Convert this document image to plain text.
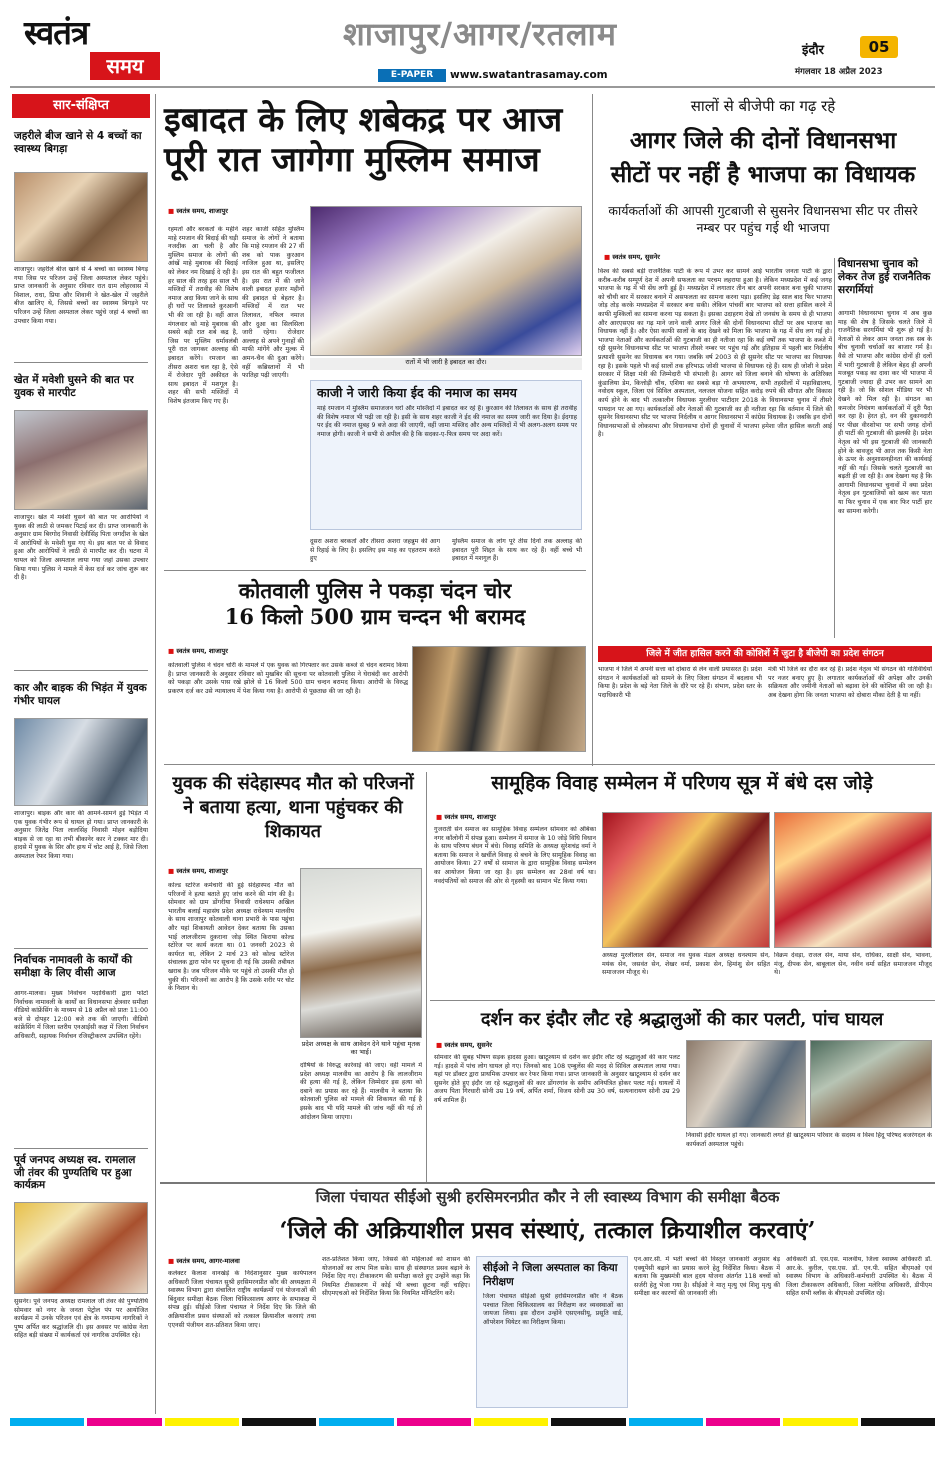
स्वतंत्र
समय
शाजापुर/आगर/रतलाम
E-PAPER	www.swatantrasamay.com
इंदौर	05
मंगलवार 18 अप्रैल 2023
सार-संक्षिप्त
जहरीले बीज खाने से 4 बच्चों का स्वास्थ्य बिगड़ा
शाजापुर। जहरीले बीज खाने से 4 बच्चों का स्वास्थ्य बिगड़ गया जिस पर परिजन उन्हें जिला अस्पताल लेकर पहुंचे। प्राप्त जानकारी के अनुसार रविवार रात ग्राम लोहरवास में विशाल, राधा, प्रिया और शिवानी ने खेत-खेल में जहरीले बीज खालिए थे, जिससे बच्चों का स्वास्थ्य बिगड़ने पर परिजन उन्हें जिला अस्पताल लेकर पहुंचे जहां 4 बच्चों का उपचार किया गया।
खेत में मवेशी घुसने की बात पर युवक से मारपीट
शाजापुर। खेत में मवेशी घुसने की बात पर आरोपियों ने युवक की लाठी से जमकर पिटाई कर दी। प्राप्त जानकारी के अनुसार ग्राम बिरगोद निवासी देवीसिंह पिता जगदीश के खेत में आरोपियों के मवेशी घुस गए थे। इस बात पर से विवाद हुआ और आरोपियों ने लाठी से मारपीट कर दी। घटना में घायल को जिला अस्पताल लाया गया जहां उसका उपचार किया गया। पुलिस ने मामले में केस दर्ज कर जांच शुरू कर दी है।
कार और बाइक की भिड़ंत में युवक गंभीर घायल
शाजापुर। बाइक और कार की आमने-सामने हुई भिड़ंत में एक युवक गंभीर रूप से घायल हो गया। प्राप्त जानकारी के अनुसार जितेंद्र पिता लालसिंह निवासी मोहन बड़ोदिया बाइक से जा रहा था तभी बीकानेर कार ने टक्कर मार दी। हादसे में युवक के सिर और हाथ में चोट आई है, जिसे जिला अस्पताल रेफर किया गया।
निर्वाचक नामावली के कार्यों की समीक्षा के लिए वीसी आज
आगर-मालवा। मुख्य निर्वाचन पदाधिकारी द्वारा फोटो निर्वाचक नामावली के कार्यों का विधानसभा क्षेत्रवार समीक्षा वीडियो कांफ्रेंसिंग के माध्यम से 18 अप्रैल को प्रातः 11:00 बजे से दोपहर 12:00 बजे तक की जाएगी। वीडियो कांफ्रेंसिंग में जिला स्तरीय एनआईसी कक्ष में जिला निर्वाचन अधिकारी, सहायक निर्वाचन रजिस्ट्रीकरण उपस्थित रहेंगे।
पूर्व जनपद अध्यक्ष स्व. रामलाल जी तंवर की पुण्यतिथि पर हुआ कार्यक्रम
सुसनेर। पूर्व जनपद अध्यक्ष रामलाल जी तंवर की पुण्यतिथि सोमवार को नगर के जनता पेट्रोल पंप पर आयोजित कार्यक्रम में उनके परिजन एवं क्षेत्र के गणमान्य नागरिकों ने पुष्प अर्पित कर श्रद्धांजलि दी। इस अवसर पर कांग्रेस नेता सहित बड़ी संख्या में कार्यकर्ता एवं नागरिक उपस्थित रहे।
इबादत के लिए शबेकद्र पर आज पूरी रात जागेगा मुस्लिम समाज
■ स्वतंत्र समय, शाजापुर
रहमतों और बरकतों के महीने माहे रमजान की बिदाई की घड़ी नजदीक आ चली है और मुस्लिम समाज के लोगों की आंखें माहे मुबारक की बिदाई को लेकर नम दिखाई दे रही है। हर साल की तरह इस साल भी मस्जिदों में तरावीह की विशेष नमाज अदा किया जाने के साथ ही घरों पर तिलावते कुरआनी भी की जा रही है। वहीं आज मंगलवार को माहे मुबारक की सबसे बड़ी रात शबे कद्र है, जिस पर मुस्लिम धर्मावलंबी पूरी रात जागकर अल्लाह की इबादत करेंगे। रमजान का तीसरा अशरा चल रहा है, ऐसे में रोजेदार पूरी अकीदत के साथ इबादत में मशगूल है। शहर की सभी मस्जिदों में विशेष इंतजाम किए गए हैं।
शहर काजी सहित मुस्लिम समाज के लोगों ने बताया कि माहे रमजान की 27 वीं शब को पाक कुरआन नाजिल हुआ था, इसलिए इस रात की बहुत फजीलत है। इस रात में की जाने वाली इबादत हजार महीनों की इबादत से बेहतर है। मस्जिदों में रात भर तिलावत, नफिल नमाज और दुआ का सिलसिला जारी रहेगा। रोजेदार अल्लाह से अपने गुनाहों की माफी मांगेंगे और मुल्क में अमन-चैन की दुआ करेंगे। वहीं कब्रिस्तानों में भी फातिहा पढ़ी जाएगी।
रातों में भी जारी है इबादत का दौर।
काजी ने जारी किया ईद की नमाज का समय
माहे रमजान में मुस्लिम समाजजन घरों और मस्जिदों में इबादत कर रहे हैं। कुरआन की तिलावत के साथ ही तरावीह की विशेष नमाज भी पढ़ी जा रही है। इसी के साथ शहर काजी ने ईद की नमाज का समय जारी कर दिया है। ईदगाह पर ईद की नमाज सुबह 9 बजे अदा की जाएगी, वहीं जामा मस्जिद और अन्य मस्जिदों में भी अलग-अलग समय पर नमाज होगी। काजी ने सभी से अपील की है कि सदका-ए-फित्र समय पर अदा करें।
दूसरा अशरा बरकतों और तीसरा अशरा जहन्नुम की आग से रिहाई के लिए है। इसलिए इस माह का एहतराम करते हुए
मुस्लिम समाज के लोग पूरे तीस दिनों तक अल्लाह की इबादत पूरी शिद्दत के साथ कर रहे हैं। वहीं बच्चे भी इबादत में मशगूल हैं।
कोतवाली पुलिस ने पकड़ा चंदन चोर
16 किलो 500 ग्राम चन्दन भी बरामद
■ स्वतंत्र समय, शाजापुर
कोतवाली पुलिस ने चंदन चोरी के मामले में एक युवक को गिरफ्तार कर उसके कब्जे से चंदन बरामद किया है। प्राप्त जानकारी के अनुसार रविवार को मुखबिर की सूचना पर कोतवाली पुलिस ने घेराबंदी कर आरोपी को पकड़ा और उसके पास रखे झोले से 16 किलो 500 ग्राम चन्दन बरामद किया। आरोपी के विरुद्ध प्रकरण दर्ज कर उसे न्यायालय में पेश किया गया है। आरोपी से पूछताछ की जा रही है।
युवक की संदेहास्पद मौत को परिजनों ने बताया हत्या, थाना पहुंचकर की शिकायत
■ स्वतंत्र समय, शाजापुर
कोल्ड स्टोरेज कर्मचारी की हुई संदेहास्पद मौत को परिजनों ने हत्या बताते हुए जांच करने की मांग की है। सोमवार को ग्राम डोंगरीया निवासी राधेश्याम अखिल भारतीय बलाई महासंघ प्रदेश अध्यक्ष राधेश्याम मालवीय के साथ शाजापुर कोतवाली थाना प्रभारी के पास पहुंचा और यहां शिकायती आवेदन देकर बताया कि उसका भाई लालजीराम दुकराना जोड़ स्थित किराया कोल्ड स्टोरेज पर कार्य करता था। 01 जनवरी 2023 से कार्यरत था, लेकिन 2 मार्च 23 को कोल्ड स्टोरेज संचालक द्वारा फोन पर सूचना दी गई कि उसकी तबीयत खराब है। जब परिजन मौके पर पहुंचे तो उसकी मौत हो चुकी थी। परिजनों का आरोप है कि उसके शरीर पर चोट के निशान थे।
प्रदेश अध्यक्ष के साथ आवेदन देने थाने पहुंचा मृतक का भाई।
दोषियों के विरुद्ध कार्रवाई की जाए। वहीं मामले में प्रदेश अध्यक्ष मालवीय का आरोप है कि लालजीराम की हत्या की गई है, लेकिन जिम्मेदार इस हत्या को दबाने का प्रयास कर रहे हैं। मालवीय ने बताया कि कोतवाली पुलिस को मामले की शिकायत की गई है इसके बाद भी यदि मामले की जांच नहीं की गई तो आंदोलन किया जाएगा।
सालों से बीजेपी का गढ़ रहे
आगर जिले की दोनों विधानसभा
सीटों पर नहीं है भाजपा का विधायक
कार्यकर्ताओं की आपसी गुटबाजी से सुसनेर विधानसभा सीट पर तीसरे नम्बर पर पहुंच गई थी भाजपा
■ स्वतंत्र समय, सुसनेर
विश्व की सबसे बड़ी राजनैतिक पार्टी के रूप में उभर कर सामने आई भारतीय जनता पार्टी के द्वारा करीब-करीब सम्पूर्ण देश में अपनी सफलता का परचम लहराया हुआ है। लेकिन मध्यप्रदेश में कई जगह भाजपा के गढ़ में भी सेंध लगी हुई है। मध्यप्रदेश में लगातार तीन बार अपनी सरकार बना चुकी भाजपा को चौथी बार में सरकार बनाने में असफलता का सामना करना पड़ा। इसलिए डेढ़ साल बाद फिर भाजपा जोड़ तोड़ करके मध्यप्रदेश में सरकार बना सकी। लेकिन पांचवीं बार भाजपा को सत्ता हासिल करने में काफी मुश्किलों का सामना करना पड़ सकता है। इसका उदाहरण देखे तो जनसंघ के समय से ही भाजपा और आरएसएस का गढ़ माने जाने वाली आगर जिले की दोनों विधानसभा सीटों पर अब भाजपा का विधायक नहीं है। और ऐसा काफी सालों के बाद देखने को मिला कि भाजपा के गढ़ में सेंध लग गई हो। भाजपा नेताओं और कार्यकर्ताओं की गुटबाजी का ही नतीजा रहा कि कई वर्षों तक भाजपा के कब्जे में रही सुसनेर विधानसभा सीट पर भाजपा तीसरे नम्बर पर पहुंच गई और इतिहास में पहली बार निर्दलीय प्रत्याशी सुसनेर का विधायक बन गया। जबकि वर्ष 2003 से ही सुसनेर सीट पर भाजपा का विधायक रहा है। इसके पहले भी कई सालों तक हरिभाऊ जोशी भाजपा से विधायक रहे हैं। साथ ही जोशी ने प्रदेश सरकार में शिक्षा मंत्री की जिम्मेदारी भी संभाली है। आगर को जिला बनाने की घोषणा के अतिरिक्त कुंडालिया डेम, कित्तोड़ी चौंथ, एशिया का सबसे बड़ा गो अभयारण्य, सभी तहसीलों में महाविद्यालय, नवोदय स्कूल, जिला एवं सिविल अस्पताल, नलजल योजना सहित करोड़ रुपये की सौगात और विकास कार्य होने के बाद भी तत्कालीन विधायक मुरलीधर पाटीदार 2018 के विधानसभा चुनाव में तीसरे पायदान पर आ गए। कार्यकर्ताओं और नेताओं की गुटबाजी का ही नतीजा रहा कि वर्तमान में जिले की सुसनेर विधानसभा सीट पर भाजपा निर्दलीय व आगर विधानसभा में कांग्रेस विधायक है। जबकि इन दोनों विधानसभाओं से लोकसभा और विधानसभा दोनों ही चुनावों में भाजपा हमेशा जीत हासिल करती आई है।
विधानसभा चुनाव को लेकर तेज हुई राजनैतिक सरगर्मियां
आगामी विधानसभा चुनाव में अब कुछ माह की शेष है जिसके चलते जिले में राजनैतिक सरगर्मियां भी शुरू हो गई है। नेताओं से लेकर आम जनता तक सब के बीच चुनावी चर्चाओं का बाजार गर्म है। वैसे तो भाजपा और कांग्रेस दोनों ही दलों में भारी गुटबाजी है लेकिन बेहद ही अपनी मजबूत पकड़ का दावा कर भी भाजपा में गुटबाजी ज्यादा ही उभर कर सामने आ रही है। जो कि सोशल मीडिया पर भी देखने को मिल रही है। संगठन का कमजोर नियंत्रण कार्यकर्ताओं में दूरी पैदा कर रहा है। हेरत हो, वन की दुकानदारी पर पीछा वीरशोभा पर सभी जगह दोनों ही पार्टी की गुटबाजी की झलकी है। प्रदेश नेतृत्व को भी इस गुटबाजी की जानकारी होने के बावजूद भी आज तक किसी नेता के ऊपर के अनुशासनहीनता की कार्यवाई नहीं की गई। जिसके चलते गुटबाजी का बढ़ती ही जा रही है। अब देखना यह है कि आगामी विधानसभा चुनावों में क्या प्रदेश नेतृत्व इन गुटबाजियों को खत्म कर पाता या फिर चुनाव में एक बार फिर पार्टी हार का सामना करेगी।
जिले में जीत हासिल करने की कोशिशें में जुटा है बीजेपी का प्रदेश संगठन
भाजपा ने जिले में अपनी सत्ता को दोबारा से लेन वाली प्रयासरत है। प्रदेश संगठन ने कार्यकर्ताओं को सामने के लिए जिला संगठन में बदलाव भी किया है। प्रदेश के बड़े नेता जिले के दौरे पर रहे हैं। संभाग, प्रदेश स्तर के पदाधिकारी भी
मंत्री भी जिले का दौरा कर रहे हैं। प्रदेश नेतृत्व भी संगठन की गतिविधियों पर नजर बनाए हुए है। लगातार कार्यकर्ताओं की अपेक्षा और उनकी सक्रियता और जमीनी नेताओं को बढ़ावा देने की कोशिश की जा रही है। अब देखना होगा कि जनता भाजपा को दोबारा मौका देती है या नहीं।
सामूहिक विवाह सम्मेलन में परिणय सूत्र में बंधे दस जोड़े
■ स्वतंत्र समय, शाजापुर
गुजराती सेन समाज का सामूहिक विवाह सम्मेलन सोमवार को अंबिका नगर कॉलोनी में संपन्न हुआ। सम्मेलन में समाज के 10 जोड़े विधि विधान के साथ परिणय बंधन में बंधे। विवाह समिति के अध्यक्ष सुरेशचंद्र वर्मा ने बताया कि समाज ने खर्चीले विवाह से बचने के लिए सामूहिक विवाह का आयोजन किया। 27 वर्षों से सामाज के द्वारा सामूहिक विवाह सम्मेलन का आयोजन किया जा रहा है। इस सम्मेलन का 28वां वर्ष था। नवदंपतियों को समाज की ओर से गृहस्थी का सामान भेंट किया गया।
अध्यक्ष मुरलीलाल सेन, समाज नव युवक मंडल अध्यक्ष धनश्याम सेन, मयंक सेन, जसवंत सेन, शेखर वर्मा, प्रकाश सेन, हिमांशु सेन सहित समाजजन मौजूद थे।
विक्रम देवड़ा, राजल सेन, माया सेन, राधिका, साक्षी सेन, भावना, मंजू, दीपक सेन, बाबूलाल सेन, नवीन वर्मा सहित समाजजन मौजूद थे।
दर्शन कर इंदौर लौट रहे श्रद्धालुओं की कार पलटी, पांच घायल
■ स्वतंत्र समय, सुसनेर
सोमवार की सुबह भीषण सड़क हादसा हुआ। खाटूश्याम से दर्शन कर इंदौर लौट रहे श्रद्धालुओं की कार पलट गई। हादसे में पांच लोग घायल हो गए। जिनको बाद 108 एम्बुलेंस की मदद से सिविल अस्पताल लाया गया। यहां पर डॉक्टर द्वारा प्राथमिक उपचार कर रेफर किया गया। प्राप्त जानकारी के अनुसार खाटूश्याम से दर्शन कर सुसनेर होते हुए इंदौर जा रहे श्रद्धालुओं की कार डोंगरगांव के समीप अनियंत्रित होकर पलट गई। घायलों में अजय पिता गिरधारी सोनी उम्र 19 वर्ष, अर्पित शर्मा, विजय सोनी उम्र 30 वर्ष, सत्यनारायण सोनी उम्र 29 वर्ष शामिल हैं।
निवासी इंदौर घायल हो गए। जानकारी लगते ही खाटूश्याम परिवार के सदस्य व विश्व हिंदू परिषद बजरंगदल के कार्यकर्ता अस्पताल पहुंचे।
जिला पंचायत सीईओ सुश्री हरसिमरनप्रीत कौर ने ली स्वास्थ्य विभाग की समीक्षा बैठक
‘जिले की अक्रियाशील प्रसव संस्थाएं, तत्काल क्रियाशील करवाएं’
■ स्वतंत्र समय, आगर-मालवा
कलेक्टर कैलाश वानखेड़े के निर्देशानुसार मुख्य कार्यपालन अधिकारी जिला पंचायत सुश्री हरसिमरनप्रीत कौर की अध्यक्षता में स्वास्थ्य विभाग द्वारा संचालित राष्ट्रीय कार्यक्रमों एवं योजनाओं की बिंदुवार समीक्षा बैठक जिला चिकित्सालय आगर के सभाकक्ष में संपन्न हुई। सीईओ जिला पंचायत ने निर्देश दिए कि जिले की अक्रियाशील प्रसव संस्थाओं को तत्काल क्रियाशील करवाएं तथा एएनसी पंजीयन शत-प्रतिशत किया जाए।
शत-प्रतिशत किया जाए, जिससे की महिलाओं को शासन की योजनाओं का लाभ मिल सके। साथ ही संस्थागत प्रसव बढ़ाने के निर्देश दिए गए। टीकाकरण की समीक्षा करते हुए उन्होंने कहा कि नियमित टीकाकरण में कोई भी बच्चा छूटना नहीं चाहिए। सीएमएचओ को निर्देशित किया कि नियमित मॉनिटरिंग करें।
सीईओ ने जिला अस्पताल का किया निरीक्षण
जिला पंचायत सीईओ सुश्री हरसिमरनप्रीत कौर ने बैठक पश्चात जिला चिकित्सालय का निरीक्षण कर व्यवस्थाओं का जायजा लिया। इस दौरान उन्होंने एसएनसीयू, प्रसूति वार्ड, ऑपरेशन थियेटर का निरीक्षण किया।
एन.आर.सी. में भर्ती बच्चों की विस्तृत जानकारी अनुसार बेड़ एक्यूपेंसी बढ़ाने का प्रयास करने हेतु निर्देशित किया। बैठक में बताया कि मुख्यमंत्री बाल हृदय योजना अंतर्गत 118 बच्चों को सर्जरी हेतु भेजा गया है। सीईओ ने मातृ मृत्यु एवं शिशु मृत्यु की समीक्षा कर कारणों की जानकारी ली।
अधिकारी डॉ. एस.एस. मालवीय, जिला स्वास्थ्य अधिकारी डॉ. आर.के. कुरील, एस.एस. डॉ. एन.पी. सहित बीएमओ एवं स्वास्थ्य विभाग के अधिकारी-कर्मचारी उपस्थित थे। बैठक में जिला टीकाकरण अधिकारी, जिला मलेरिया अधिकारी, डीपीएम सहित सभी ब्लॉक के बीएमओ उपस्थित रहे।
